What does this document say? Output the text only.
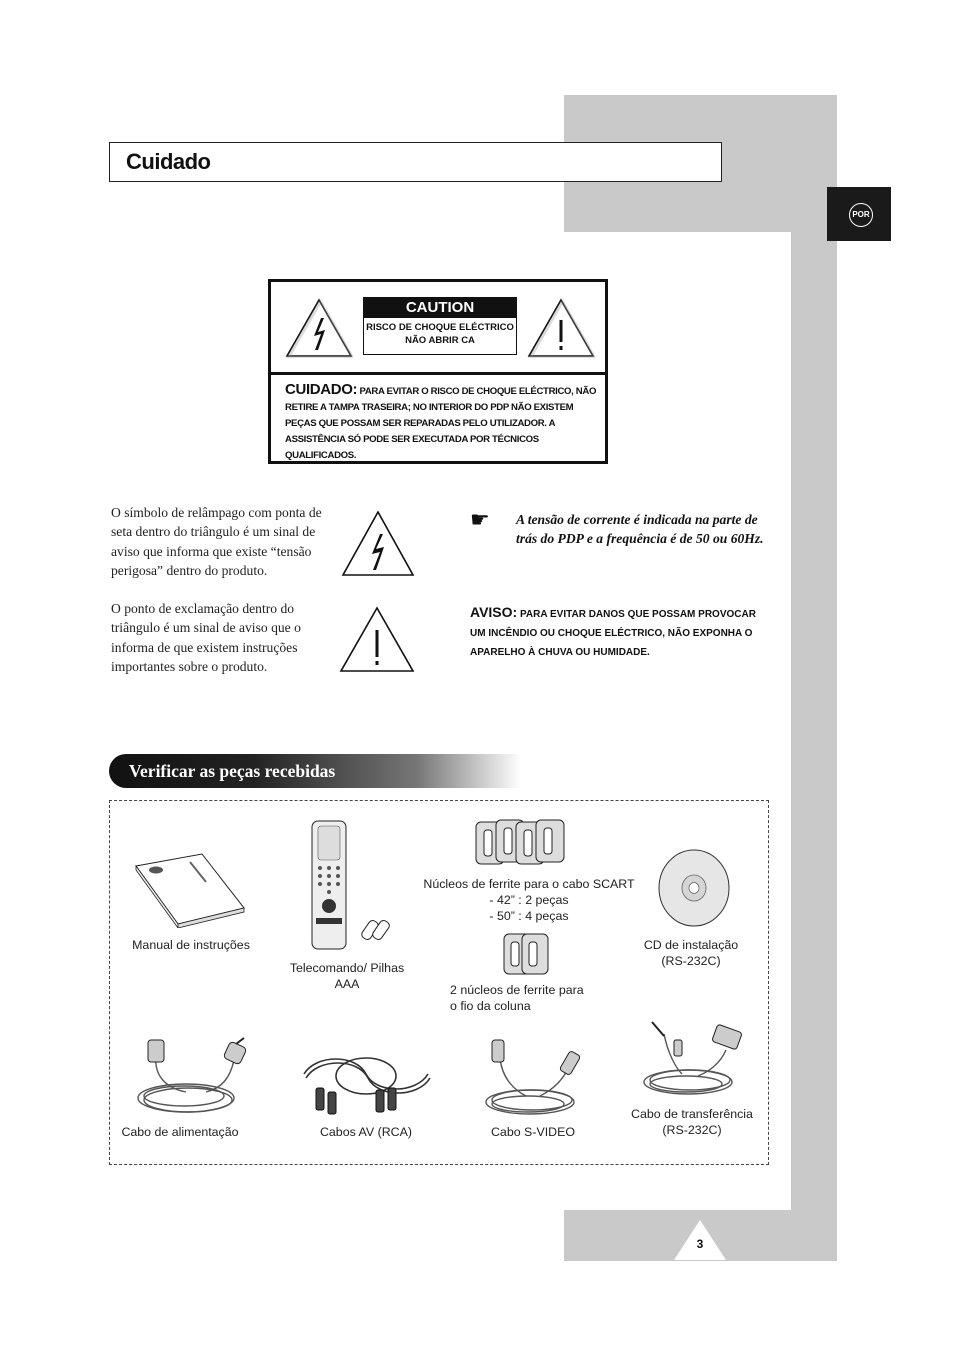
Cuidado
POR
CAUTION
RISCO DE CHOQUE ELÉCTRICO
NÃO ABRIR CA
CUIDADO: PARA EVITAR O RISCO DE CHOQUE ELÉCTRICO, NÃO RETIRE A TAMPA TRASEIRA; NO INTERIOR DO PDP NÃO EXISTEM PEÇAS QUE POSSAM SER REPARADAS PELO UTILIZADOR. A ASSISTÊNCIA SÓ PODE SER EXECUTADA POR TÉCNICOS QUALIFICADOS.
O símbolo de relâmpago com ponta de seta dentro do triângulo é um sinal de aviso que informa que existe “tensão perigosa” dentro do produto.
O ponto de exclamação dentro do triângulo é um sinal de aviso que o informa de que existem instruções importantes sobre o produto.
☛ A tensão de corrente é indicada na parte de trás do PDP e a frequência é de 50 ou 60Hz.
AVISO: PARA EVITAR DANOS QUE POSSAM PROVOCAR UM INCÊNDIO OU CHOQUE ELÉCTRICO, NÃO EXPONHA O APARELHO À CHUVA OU HUMIDADE.
Verificar as peças recebidas
Manual de instruções
Telecomando/ Pilhas
AAA
Núcleos de ferrite para o cabo SCART
- 42” : 2 peças
- 50” : 4 peças
2 núcleos de ferrite para
o fio da coluna
CD de instalação
(RS-232C)
Cabo de alimentação	Cabos AV (RCA)	Cabo S-VIDEO
Cabo de transferência
(RS-232C)
3
